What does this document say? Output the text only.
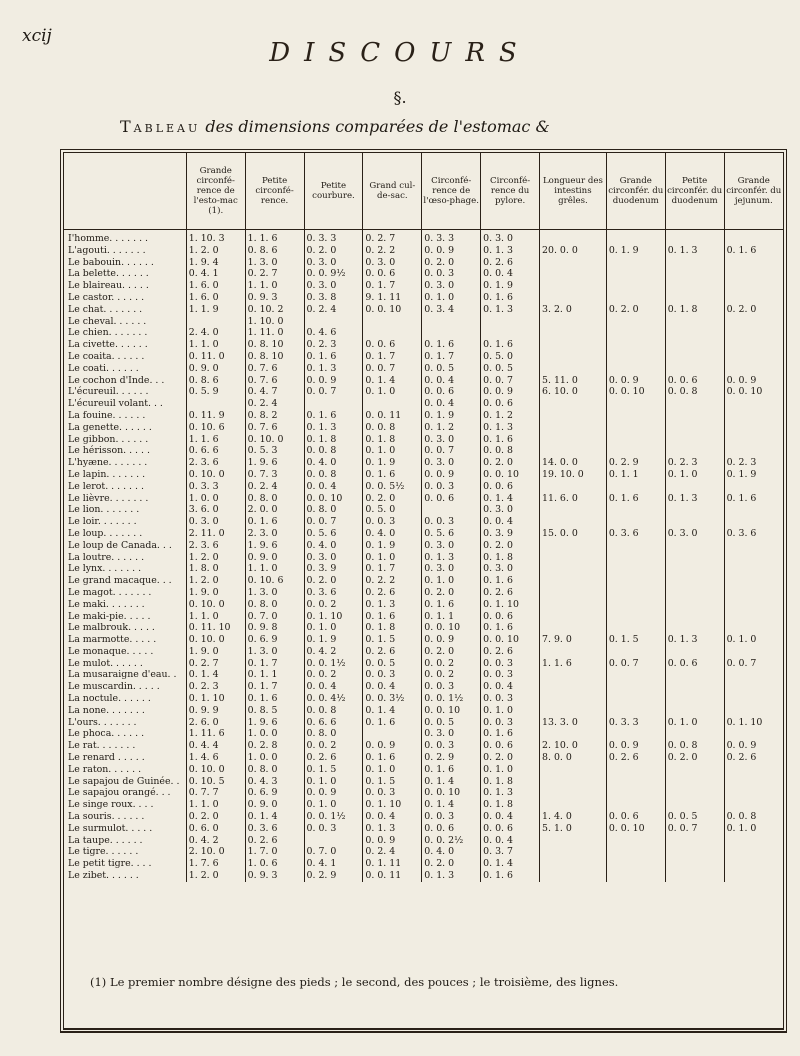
xcij
DISCOURS
§.
Tableau des dimensions comparées de l'estomac &
	Grande circonfé-rence de l'esto-mac (1).	Petite circonfé-rence.	Petite courbure.	Grand cul-de-sac.	Circonfé-rence de l'œso-phage.	Circonfé-rence du pylore.	Longueur des intestins grêles.	Grande circonfér. du duodenum	Petite circonfér. du duodenum	Grande circonfér. du jejunum.
I'homme. . . . . . .	1. 10. 3	1. 1. 6	0. 3. 3	0. 2. 7	0. 3. 3	0. 3. 0				
L'agouti. . . . . . .	1. 2. 0	0. 8. 6	0. 2. 0	0. 2. 2	0. 0. 9	0. 1. 3	20. 0. 0	0. 1. 9	0. 1. 3	0. 1. 6
Le babouin. . . . . .	1. 9. 4	1. 3. 0	0. 3. 0	0. 3. 0	0. 2. 0	0. 2. 6				
La belette. . . . . .	0. 4. 1	0. 2. 7	0. 0. 9½	0. 0. 6	0. 0. 3	0. 0. 4				
Le blaireau. . . . .	1. 6. 0	1. 1. 0	0. 3. 0	0. 1. 7	0. 3. 0	0. 1. 9				
Le castor. . . . . .	1. 6. 0	0. 9. 3	0. 3. 8	9. 1. 11	0. 1. 0	0. 1. 6				
Le chat. . . . . . .	1. 1. 9	0. 10. 2	0. 2. 4	0. 0. 10	0. 3. 4	0. 1. 3	3. 2. 0	0. 2. 0	0. 1. 8	0. 2. 0
Le cheval. . . . . .		1. 10. 0								
Le chien. . . . . . .	2. 4. 0	1. 11. 0	0. 4. 6							
La civette. . . . . .	1. 1. 0	0. 8. 10	0. 2. 3	0. 0. 6	0. 1. 6	0. 1. 6				
Le coaita. . . . . .	0. 11. 0	0. 8. 10	0. 1. 6	0. 1. 7	0. 1. 7	0. 5. 0				
Le coati. . . . . .	0. 9. 0	0. 7. 6	0. 1. 3	0. 0. 7	0. 0. 5	0. 0. 5				
Le cochon d'Inde. . .	0. 8. 6	0. 7. 6	0. 0. 9	0. 1. 4	0. 0. 4	0. 0. 7	5. 11. 0	0. 0. 9	0. 0. 6	0. 0. 9
L'écureuil. . . . . .	0. 5. 9	0. 4. 7	0. 0. 7	0. 1. 0	0. 0. 6	0. 0. 9	6. 10. 0	0. 0. 10	0. 0. 8	0. 0. 10
L'écureuil volant. . .		0. 2. 4			0. 0. 4	0. 0. 6				
La fouine. . . . . .	0. 11. 9	0. 8. 2	0. 1. 6	0. 0. 11	0. 1. 9	0. 1. 2				
La genette. . . . . .	0. 10. 6	0. 7. 6	0. 1. 3	0. 0. 8	0. 1. 2	0. 1. 3				
Le gibbon. . . . . .	1. 1. 6	0. 10. 0	0. 1. 8	0. 1. 8	0. 3. 0	0. 1. 6				
Le hérisson. . . . .	0. 6. 6	0. 5. 3	0. 0. 8	0. 1. 0	0. 0. 7	0. 0. 8				
L'hyæne. . . . . . .	2. 3. 6	1. 9. 6	0. 4. 0	0. 1. 9	0. 3. 0	0. 2. 0	14. 0. 0	0. 2. 9	0. 2. 3	0. 2. 3
Le lapin. . . . . . .	0. 10. 0	0. 7. 3	0. 0. 8	0. 1. 6	0. 0. 9	0. 0. 10	19. 10. 0	0. 1. 1	0. 1. 0	0. 1. 9
Le lerot. . . . . . .	0. 3. 3	0. 2. 4	0. 0. 4	0. 0. 5½	0. 0. 3	0. 0. 6				
Le lièvre. . . . . . .	1. 0. 0	0. 8. 0	0. 0. 10	0. 2. 0	0. 0. 6	0. 1. 4	11. 6. 0	0. 1. 6	0. 1. 3	0. 1. 6
Le lion. . . . . . .	3. 6. 0	2. 0. 0	0. 8. 0	0. 5. 0		0. 3. 0				
Le loir. . . . . . .	0. 3. 0	0. 1. 6	0. 0. 7	0. 0. 3	0. 0. 3	0. 0. 4				
Le loup. . . . . . .	2. 11. 0	2. 3. 0	0. 5. 6	0. 4. 0	0. 5. 6	0. 3. 9	15. 0. 0	0. 3. 6	0. 3. 0	0. 3. 6
Le loup de Canada. . .	2. 3. 6	1. 9. 6	0. 4. 0	0. 1. 9	0. 3. 0	0. 2. 0				
La loutre. . . . . .	1. 2. 0	0. 9. 0	0. 3. 0	0. 1. 0	0. 1. 3	0. 1. 8				
Le lynx. . . . . . .	1. 8. 0	1. 1. 0	0. 3. 9	0. 1. 7	0. 3. 0	0. 3. 0				
Le grand macaque. . .	1. 2. 0	0. 10. 6	0. 2. 0	0. 2. 2	0. 1. 0	0. 1. 6				
Le magot. . . . . . .	1. 9. 0	1. 3. 0	0. 3. 6	0. 2. 6	0. 2. 0	0. 2. 6				
Le maki. . . . . . .	0. 10. 0	0. 8. 0	0. 0. 2	0. 1. 3	0. 1. 6	0. 1. 10				
Le maki-pie. . . . .	1. 1. 0	0. 7. 0	0. 1. 10	0. 1. 6	0. 1. 1	0. 0. 6				
Le malbrouk. . . . .	0. 11. 10	0. 9. 8	0. 1. 0	0. 1. 8	0. 0. 10	0. 1. 6				
La marmotte. . . . .	0. 10. 0	0. 6. 9	0. 1. 9	0. 1. 5	0. 0. 9	0. 0. 10	7. 9. 0	0. 1. 5	0. 1. 3	0. 1. 0
Le monaque. . . . .	1. 9. 0	1. 3. 0	0. 4. 2	0. 2. 6	0. 2. 0	0. 2. 6				
Le mulot. . . . . .	0. 2. 7	0. 1. 7	0. 0. 1½	0. 0. 5	0. 0. 2	0. 0. 3	1. 1. 6	0. 0. 7	0. 0. 6	0. 0. 7
La musaraigne d'eau. .	0. 1. 4	0. 1. 1	0. 0. 2	0. 0. 3	0. 0. 2	0. 0. 3				
Le muscardin. . . . .	0. 2. 3	0. 1. 7	0. 0. 4	0. 0. 4	0. 0. 3	0. 0. 4				
La noctule. . . . . .	0. 1. 10	0. 1. 6	0. 0. 4½	0. 0. 3½	0. 0. 1½	0. 0. 3				
La none. . . . . . .	0. 9. 9	0. 8. 5	0. 0. 8	0. 1. 4	0. 0. 10	0. 1. 0				
L'ours. . . . . . .	2. 6. 0	1. 9. 6	0. 6. 6	0. 1. 6	0. 0. 5	0. 0. 3	13. 3. 0	0. 3. 3	0. 1. 0	0. 1. 10
Le phoca. . . . . .	1. 11. 6	1. 0. 0	0. 8. 0		0. 3. 0	0. 1. 6				
Le rat. . . . . . .	0. 4. 4	0. 2. 8	0. 0. 2	0. 0. 9	0. 0. 3	0. 0. 6	2. 10. 0	0. 0. 9	0. 0. 8	0. 0. 9
Le renard . . . . .	1. 4. 6	1. 0. 0	0. 2. 6	0. 1. 6	0. 2. 9	0. 2. 0	8. 0. 0	0. 2. 6	0. 2. 0	0. 2. 6
Le raton. . . . . .	0. 10. 0	0. 8. 0	0. 1. 5	0. 1. 0	0. 1. 6	0. 1. 0				
Le sapajou de Guinée. .	0. 10. 5	0. 4. 3	0. 1. 0	0. 1. 5	0. 1. 4	0. 1. 8				
Le sapajou orangé. . .	0. 7. 7	0. 6. 9	0. 0. 9	0. 0. 3	0. 0. 10	0. 1. 3				
Le singe roux. . . .	1. 1. 0	0. 9. 0	0. 1. 0	0. 1. 10	0. 1. 4	0. 1. 8				
La souris. . . . . .	0. 2. 0	0. 1. 4	0. 0. 1½	0. 0. 4	0. 0. 3	0. 0. 4	1. 4. 0	0. 0. 6	0. 0. 5	0. 0. 8
Le surmulot. . . . .	0. 6. 0	0. 3. 6	0. 0. 3	0. 1. 3	0. 0. 6	0. 0. 6	5. 1. 0	0. 0. 10	0. 0. 7	0. 1. 0
La taupe. . . . . .	0. 4. 2	0. 2. 6		0. 0. 9	0. 0. 2½	0. 0. 4				
Le tigre. . . . . .	2. 10. 0	1. 7. 0	0. 7. 0	0. 2. 4	0. 4. 0	0. 3. 7				
Le petit tigre. . . .	1. 7. 6	1. 0. 6	0. 4. 1	0. 1. 11	0. 2. 0	0. 1. 4				
Le zibet. . . . . .	1. 2. 0	0. 9. 3	0. 2. 9	0. 0. 11	0. 1. 3	0. 1. 6				
(1) Le premier nombre désigne des pieds ; le second, des pouces ; le troisième, des lignes.
